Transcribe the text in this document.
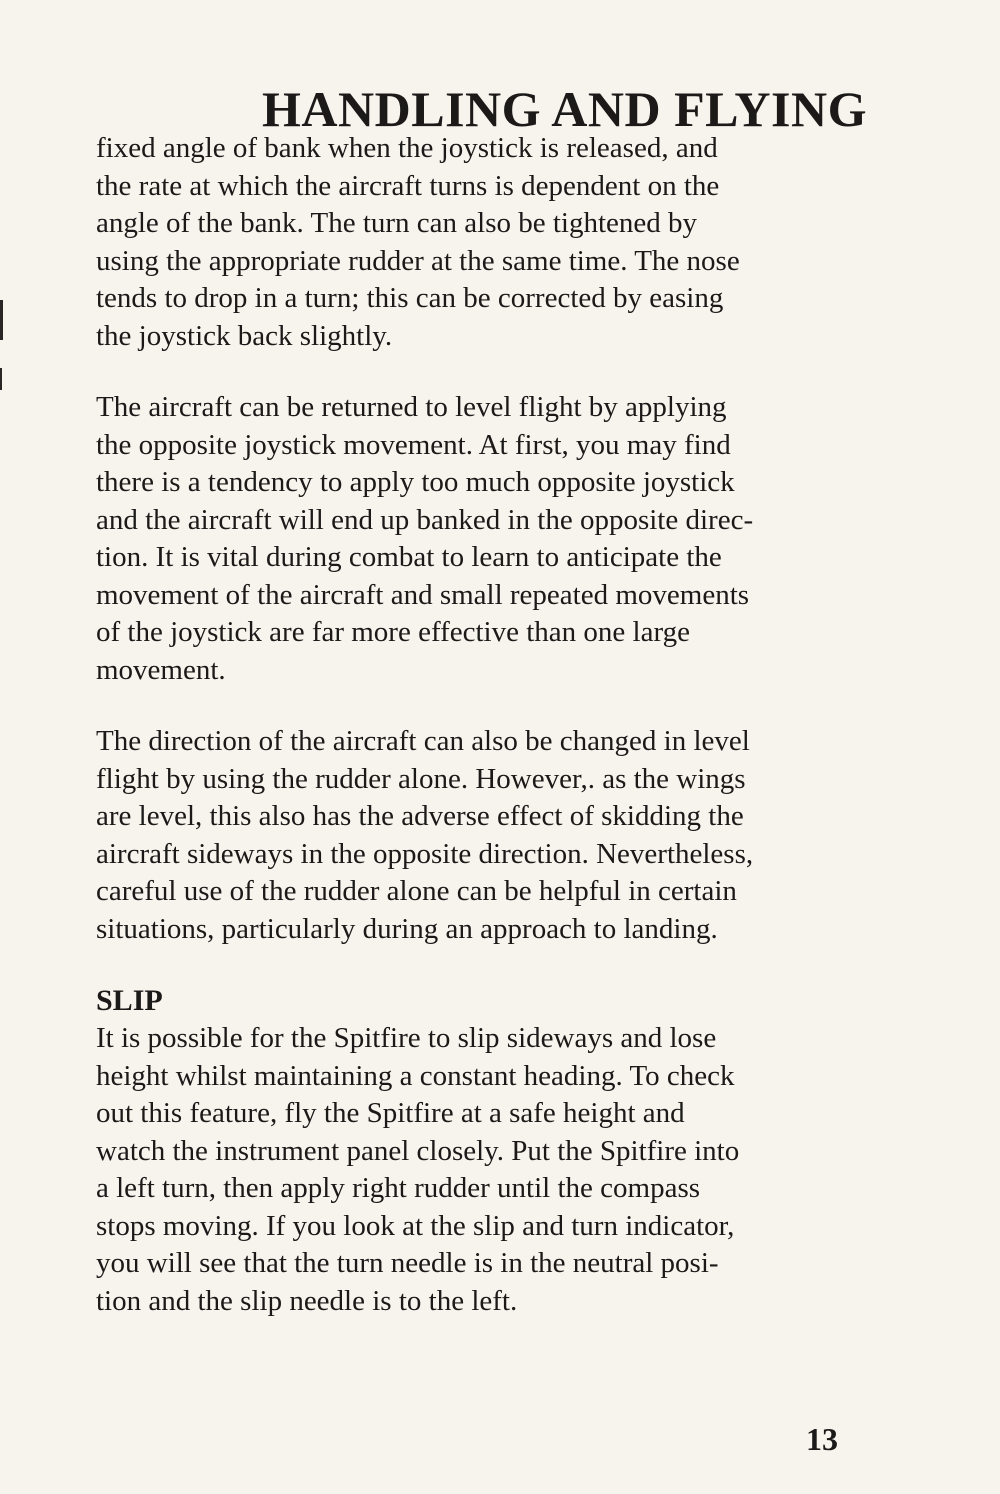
HANDLING AND FLYING

fixed angle of bank when the joystick is released, and
the rate at which the aircraft turns is dependent on the
angle of the bank. The turn can also be tightened by
using the appropriate rudder at the same time. The nose
tends to drop in a turn; this can be corrected by easing
the joystick back slightly.

The aircraft can be returned to level flight by applying
the opposite joystick movement. At first, you may find
there is a tendency to apply too much opposite joystick
and the aircraft will end up banked in the opposite direc-
tion. It is vital during combat to learn to anticipate the
movement of the aircraft and small repeated movements
of the joystick are far more effective than one large
movement.

The direction of the aircraft can also be changed in level
flight by using the rudder alone. However,. as the wings
are level, this also has the adverse effect of skidding the
aircraft sideways in the opposite direction. Nevertheless,
careful use of the rudder alone can be helpful in certain
situations, particularly during an approach to landing.

SLIP

It is possible for the Spitfire to slip sideways and lose
height whilst maintaining a constant heading. To check
out this feature, fly the Spitfire at a safe height and
watch the instrument panel closely. Put the Spitfire into
a left turn, then apply right rudder until the compass
stops moving. If you look at the slip and turn indicator,
you will see that the turn needle is in the neutral posi-
tion and the slip needle is to the left.

13
